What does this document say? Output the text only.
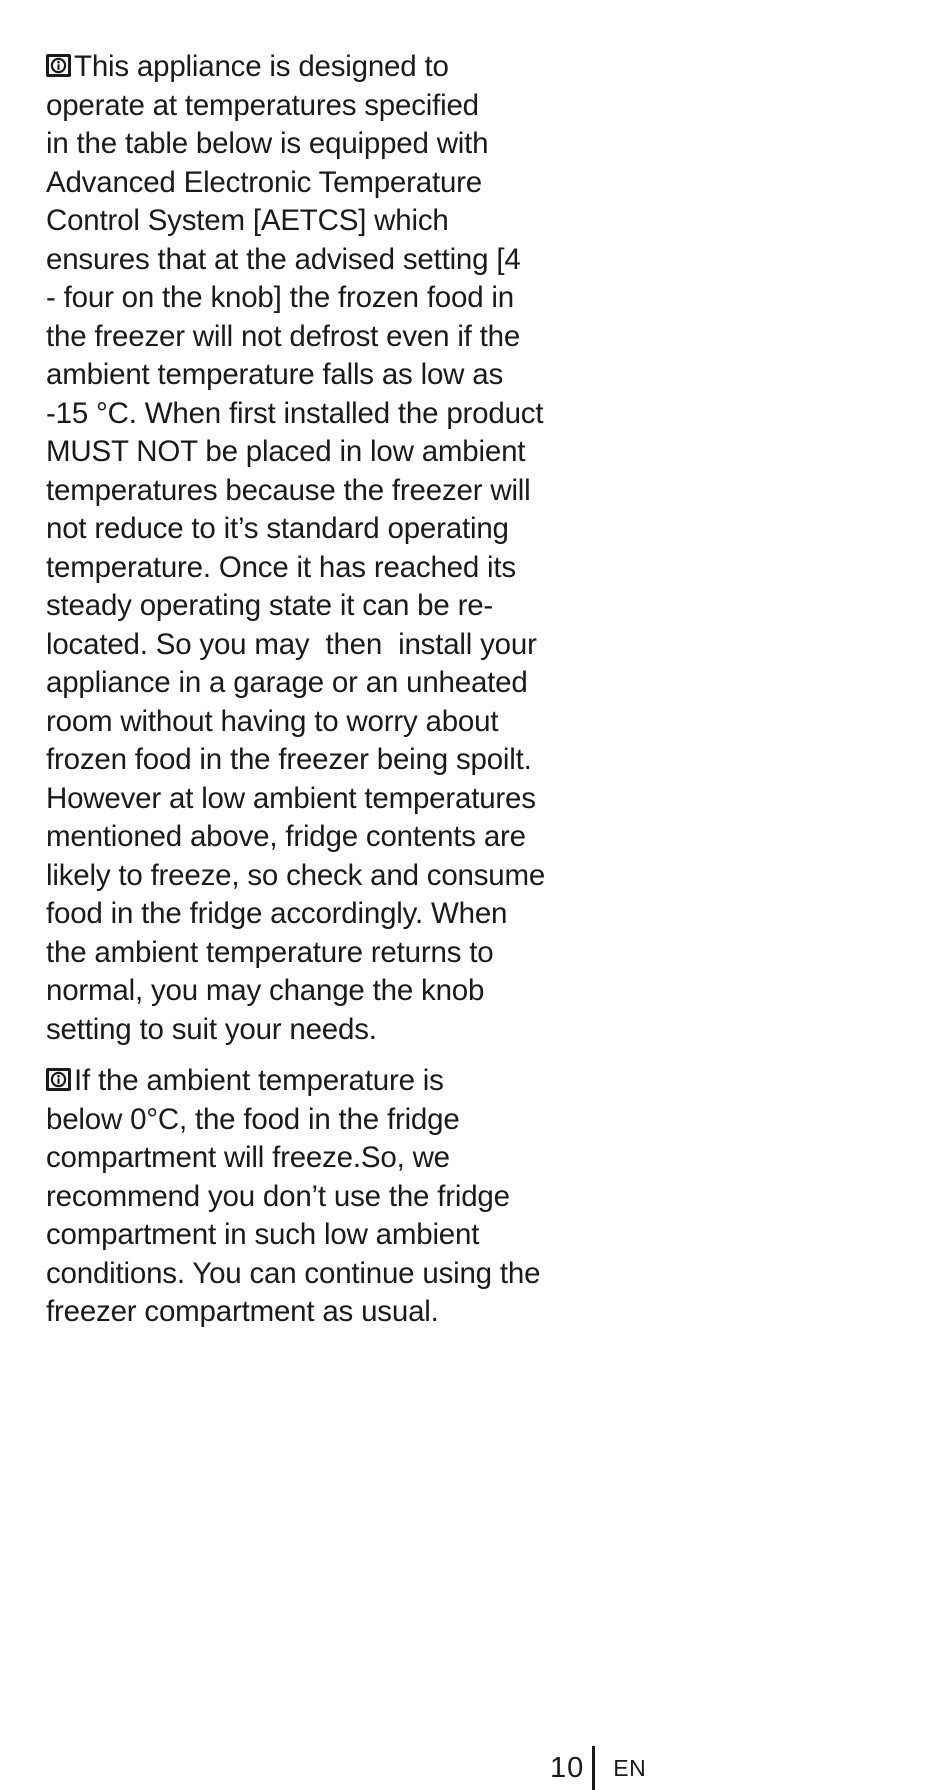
This appliance is designed to
operate at temperatures specified
in the table below is equipped with
Advanced Electronic Temperature
Control System [AETCS] which
ensures that at the advised setting [4
- four on the knob] the frozen food in
the freezer will not defrost even if the
ambient temperature falls as low as
-15 °C. When first installed the product
MUST NOT be placed in low ambient
temperatures because the freezer will
not reduce to it’s standard operating
temperature. Once it has reached its
steady operating state it can be re-
located. So you may  then  install your
appliance in a garage or an unheated
room without having to worry about
frozen food in the freezer being spoilt.
However at low ambient temperatures
mentioned above, fridge contents are
likely to freeze, so check and consume
food in the fridge accordingly. When
the ambient temperature returns to
normal, you may change the knob
setting to suit your needs.
If the ambient temperature is
below 0°C, the food in the fridge
compartment will freeze.So, we
recommend you don’t use the fridge
compartment in such low ambient
conditions. You can continue using the
freezer compartment as usual.
10 EN
